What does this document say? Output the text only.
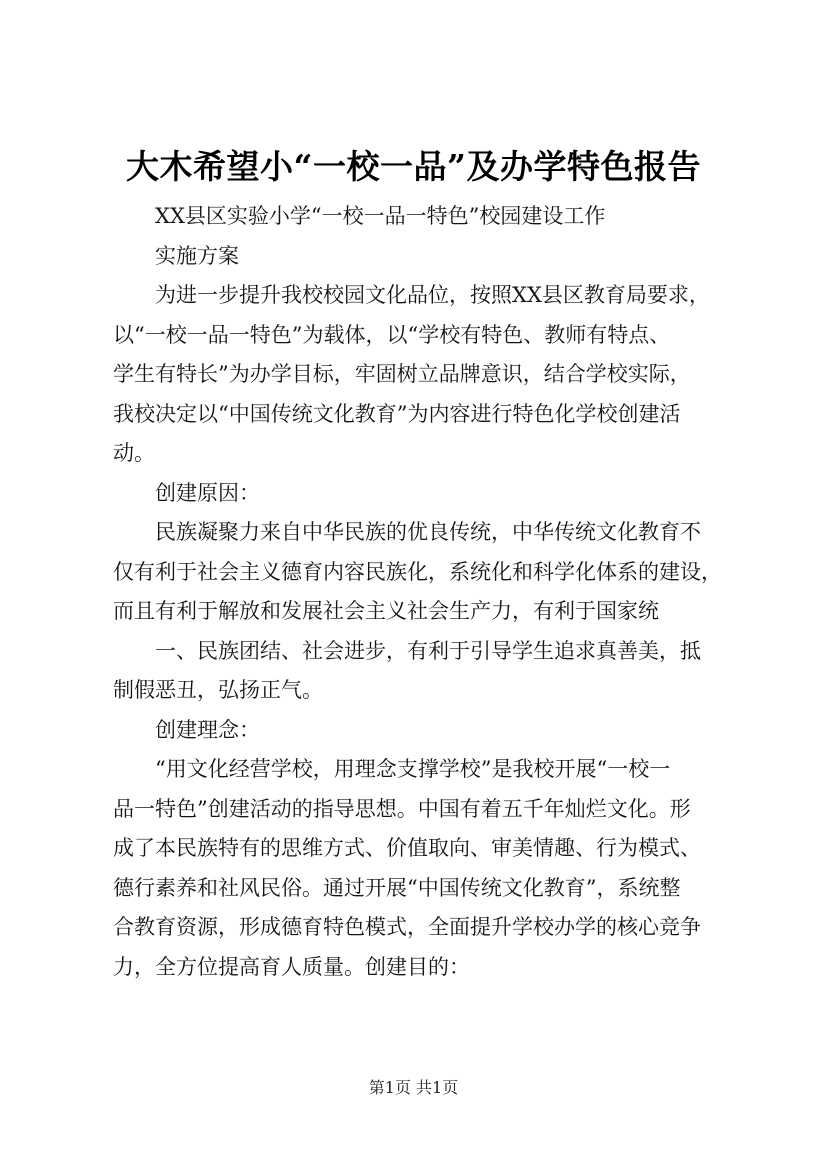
大木希望小“一校一品”及办学特色报告
XX县区实验小学“一校一品一特色”校园建设工作
实施方案
为进一步提升我校校园文化品位，按照XX县区教育局要求，
以“一校一品一特色”为载体，以“学校有特色、教师有特点、
学生有特长”为办学目标，牢固树立品牌意识，结合学校实际，
我校决定以“中国传统文化教育”为内容进行特色化学校创建活
动。
创建原因：
民族凝聚力来自中华民族的优良传统，中华传统文化教育不
仅有利于社会主义德育内容民族化，系统化和科学化体系的建设，
而且有利于解放和发展社会主义社会生产力，有利于国家统
一、民族团结、社会进步，有利于引导学生追求真善美，抵
制假恶丑，弘扬正气。
创建理念：
“用文化经营学校，用理念支撑学校”是我校开展“一校一
品一特色”创建活动的指导思想。中国有着五千年灿烂文化。形
成了本民族特有的思维方式、价值取向、审美情趣、行为模式、
德行素养和社风民俗。通过开展“中国传统文化教育”，系统整
合教育资源，形成德育特色模式，全面提升学校办学的核心竞争
力，全方位提高育人质量。创建目的：
第1页 共1页
